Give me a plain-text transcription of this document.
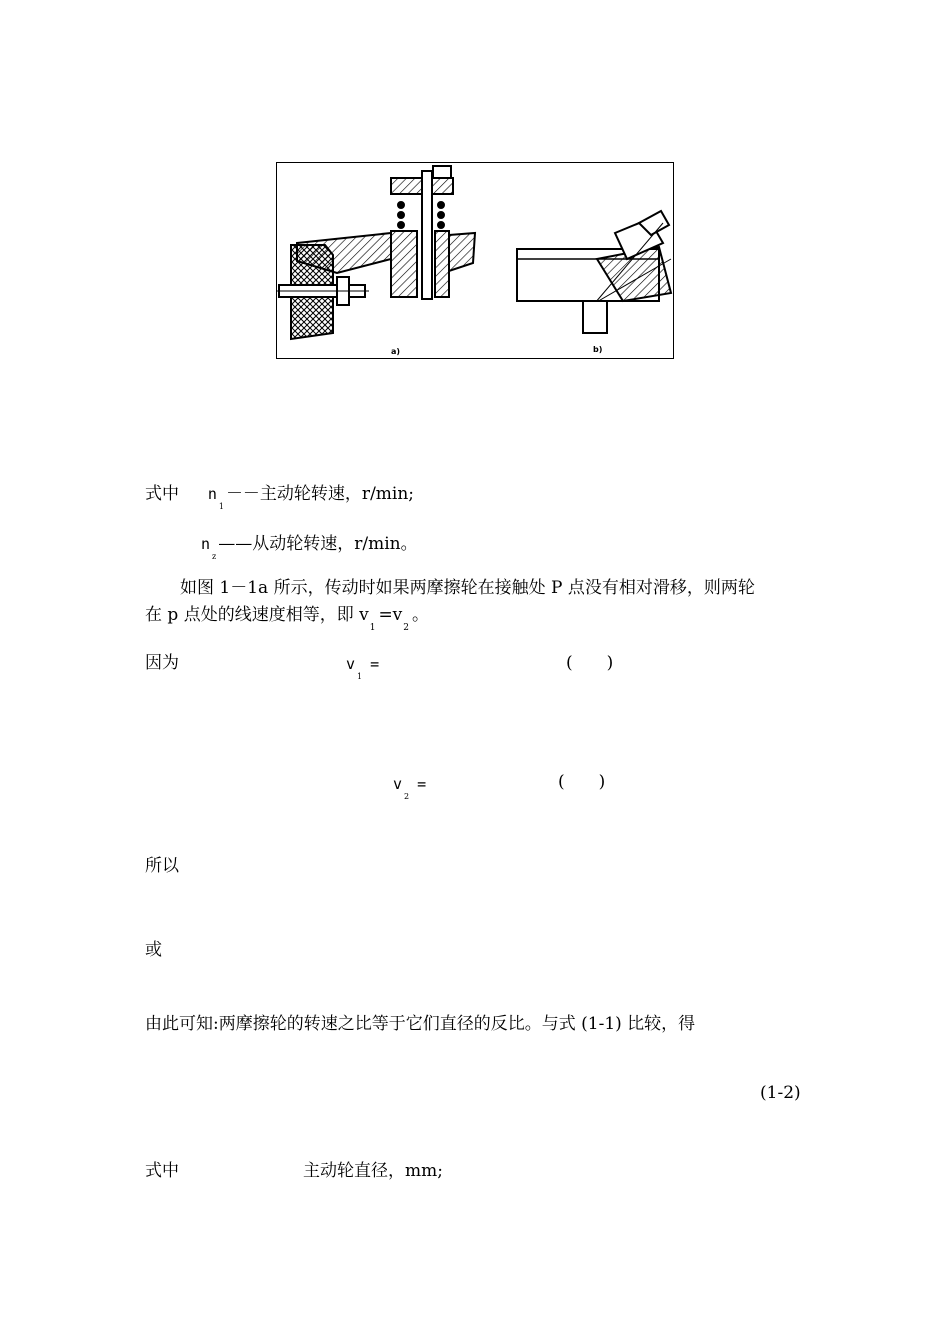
a)	b)
式中 $n_1--$主动轮转速，r/min;
$n_z——$从动轮转速，r/min。
如图 1－1a 所示，传动时如果两摩擦轮在接触处 P 点没有相对滑移，则两轮
在 p 点处的线速度相等，即 $v_1=v_2$。
因为	$v_1=$	(　　)
$v_2=$	(　　)
所以
或
由此可知:两摩擦轮的转速之比等于它们直径的反比。与式 (1-1) 比较，得
(1-2)
式中	主动轮直径，mm;
